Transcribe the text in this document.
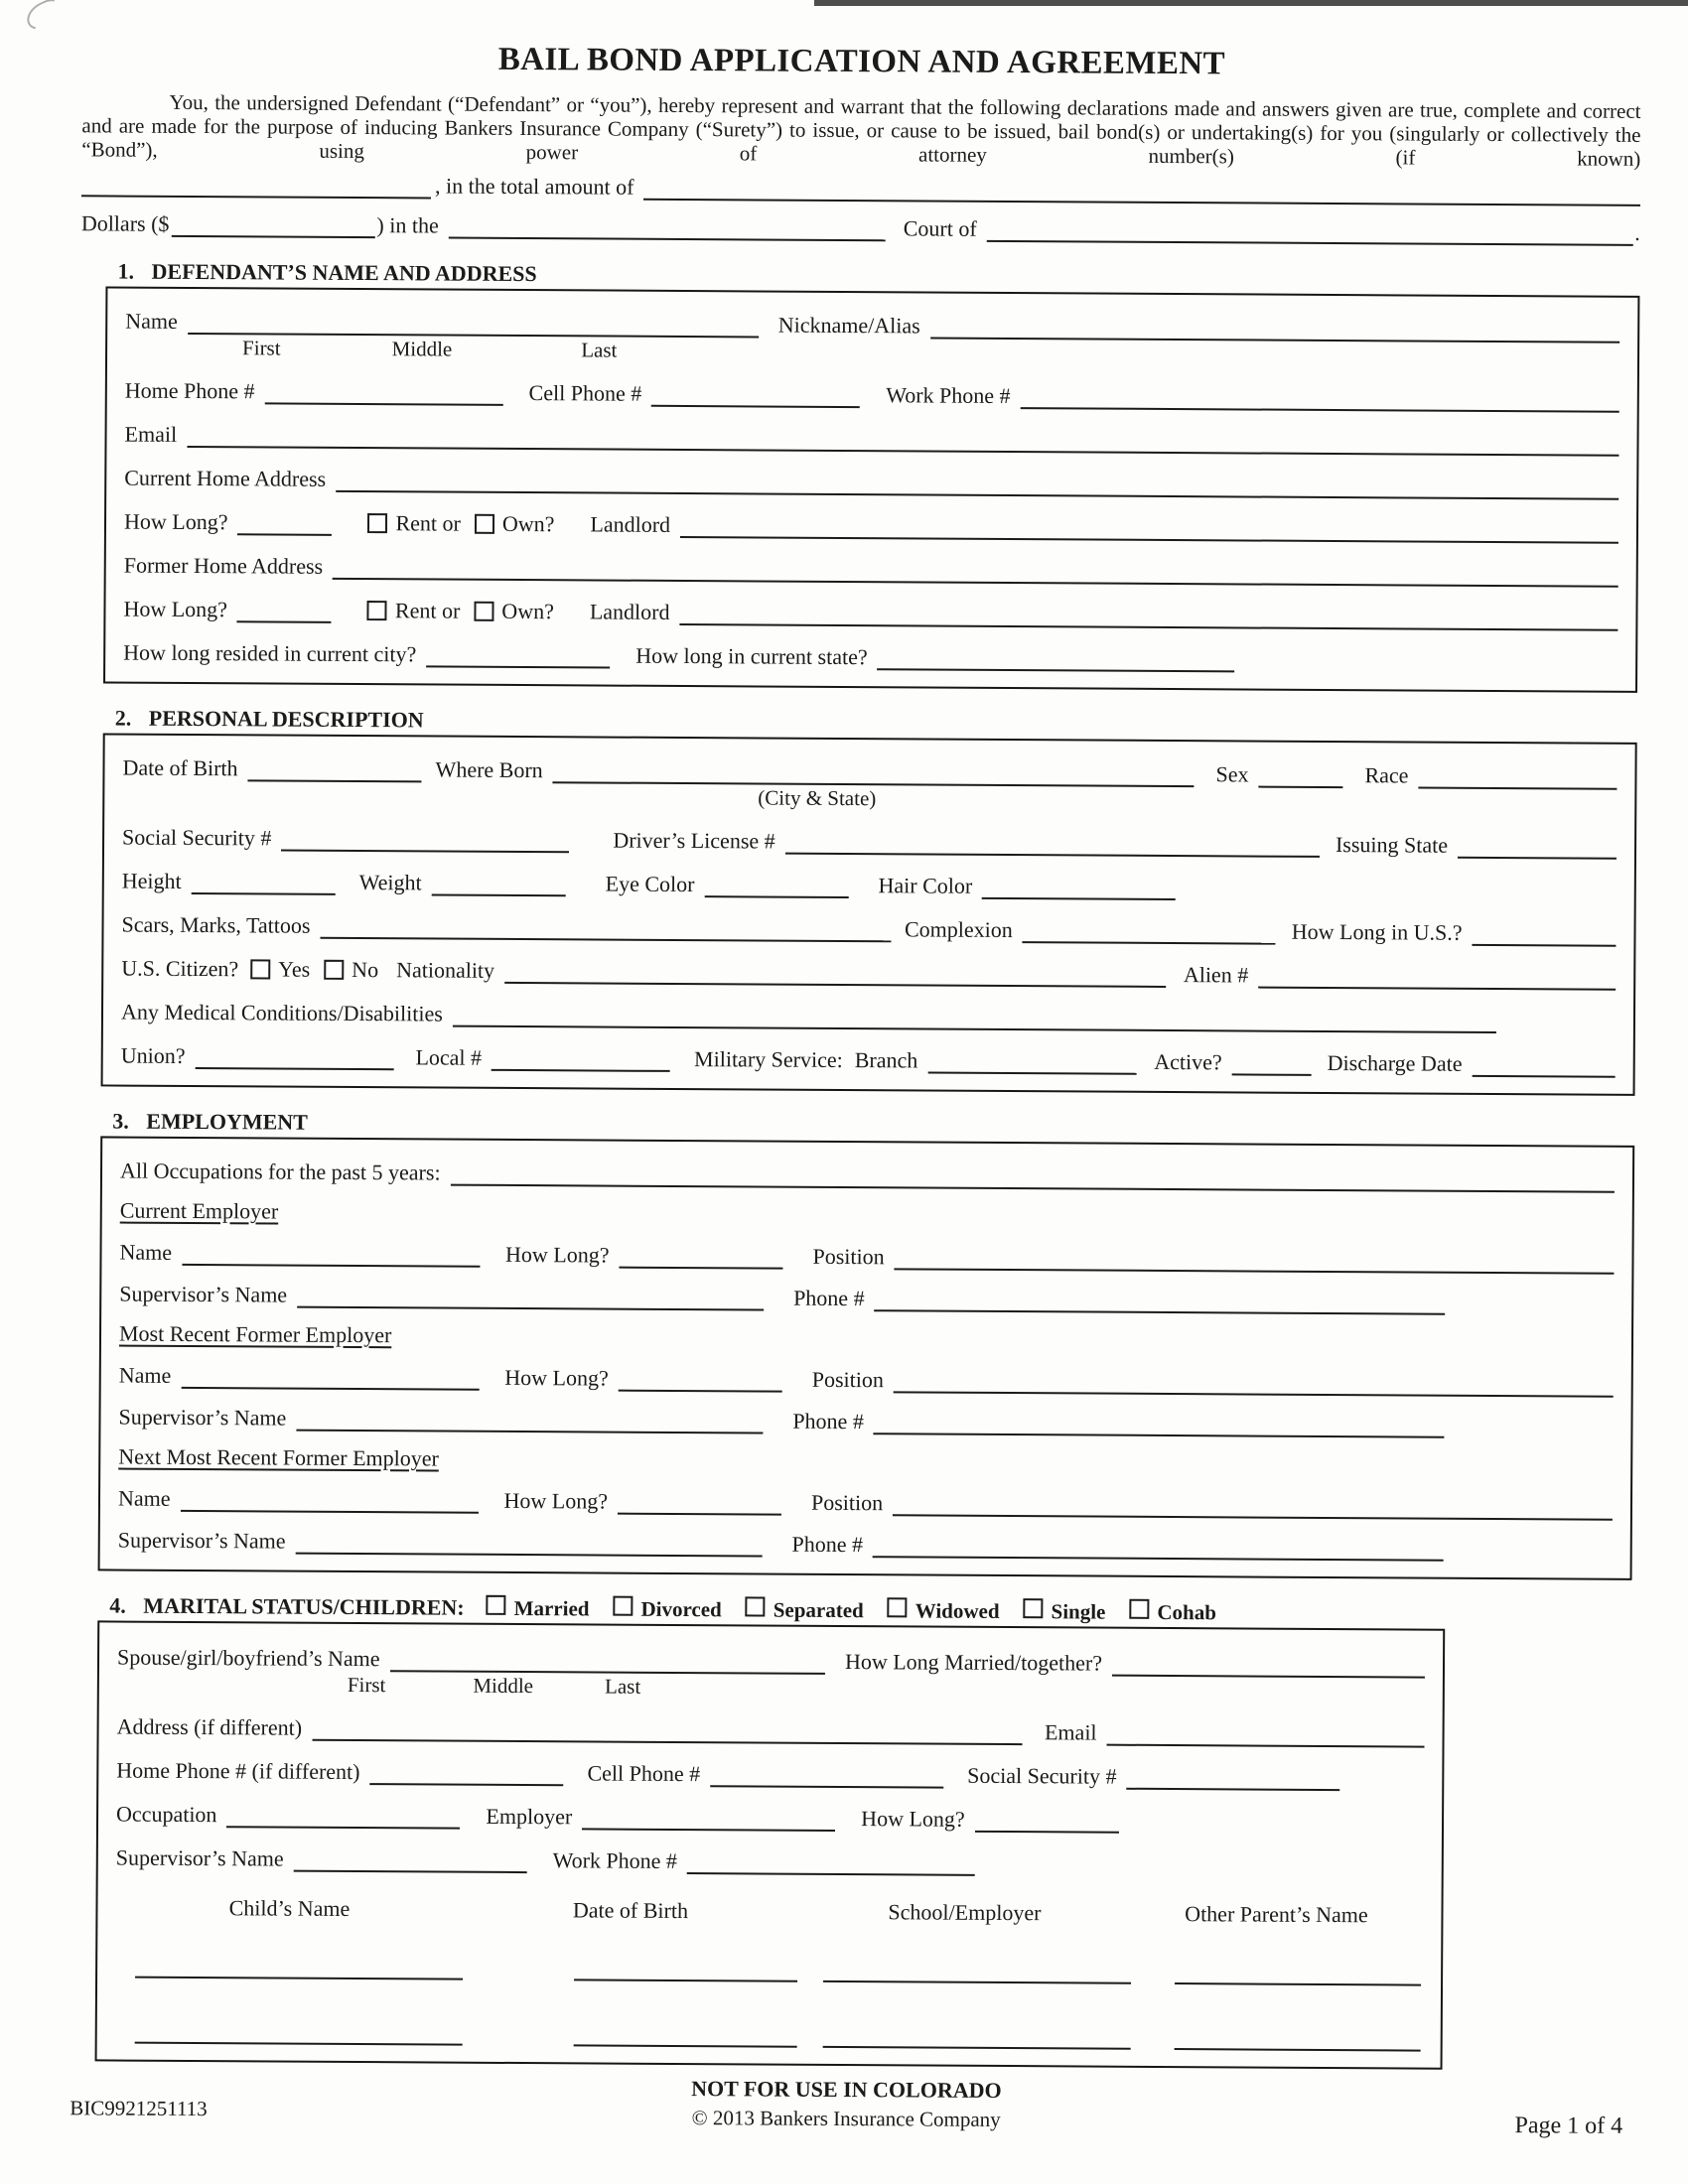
BAIL BOND APPLICATION AND AGREEMENT

You, the undersigned Defendant (“Defendant” or “you”), hereby represent and warrant that the following declarations made and answers given are true, complete and correct and are made for the purpose of inducing Bankers Insurance Company (“Surety”) to issue, or cause to be issued, bail bond(s) or undertaking(s) for you (singularly or collectively the “Bond”), using power of attorney number(s) (if known)

, in the total amount of
Dollars ($	) in the	Court of	.
1. DEFENDANT’S NAME AND ADDRESS
Name	Nickname/Alias
First	Middle	Last
Home Phone #	Cell Phone #	Work Phone #
Email
Current Home Address
How Long?	Rent or Own? Landlord
Former Home Address
How Long?	Rent or Own? Landlord
How long resided in current city?	How long in current state?
2. PERSONAL DESCRIPTION
Date of Birth	Where Born	Sex	Race
(City & State)
Social Security #	Driver’s License #	Issuing State
Height	Weight	Eye Color	Hair Color
Scars, Marks, Tattoos	Complexion	How Long in U.S.?
U.S. Citizen? Yes No Nationality	Alien #
Any Medical Conditions/Disabilities
Union?	Local #	Military Service: Branch	Active?	Discharge Date
3. EMPLOYMENT
All Occupations for the past 5 years:
Current Employer
Name	How Long?	Position
Supervisor’s Name	Phone #
Most Recent Former Employer
Name	How Long?	Position
Supervisor’s Name	Phone #
Next Most Recent Former Employer
Name	How Long?	Position
Supervisor’s Name	Phone #
4. MARITAL STATUS/CHILDREN: Married Divorced Separated Widowed Single Cohab
Spouse/girl/boyfriend’s Name	How Long Married/together?
First	Middle	Last
Address (if different)	Email
Home Phone # (if different)	Cell Phone #	Social Security #
Occupation	Employer	How Long?
Supervisor’s Name	Work Phone #
Child’s Name	Date of Birth	School/Employer	Other Parent’s Name
BIC9921251113
NOT FOR USE IN COLORADO
© 2013 Bankers Insurance Company	Page 1 of 4
